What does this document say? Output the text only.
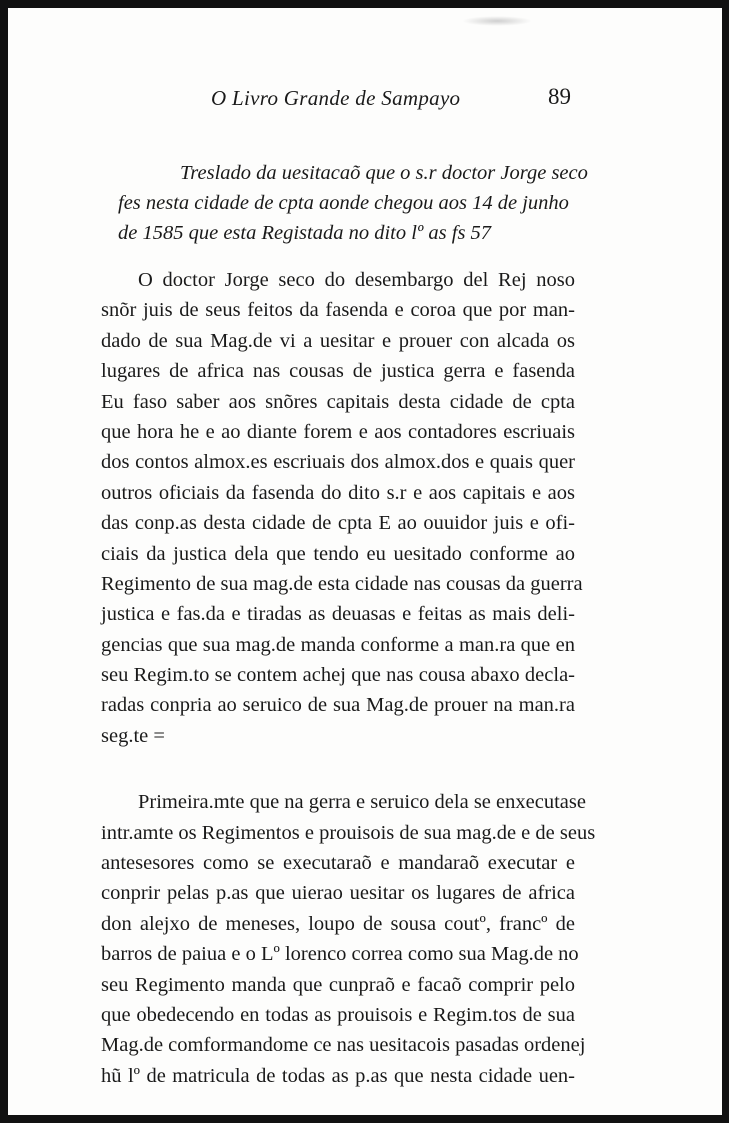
O Livro Grande de Sampayo	89
Treslado da uesitacaõ que o s.r doctor Jorge seco
fes nesta cidade de cpta aonde chegou aos 14 de junho
de 1585 que esta Registada no dito lº as fs 57
O doctor Jorge seco do desembargo del Rej noso
snõr juis de seus feitos da fasenda e coroa que por man-
dado de sua Mag.de vi a uesitar e prouer con alcada os
lugares de africa nas cousas de justica gerra e fasenda
Eu faso saber aos snõres capitais desta cidade de cpta
que hora he e ao diante forem e aos contadores escriuais
dos contos almox.es escriuais dos almox.dos e quais quer
outros oficiais da fasenda do dito s.r e aos capitais e aos
das conp.as desta cidade de cpta E ao ouuidor juis e ofi-
ciais da justica dela que tendo eu uesitado conforme ao
Regimento de sua mag.de esta cidade nas cousas da guerra
justica e fas.da e tiradas as deuasas e feitas as mais deli-
gencias que sua mag.de manda conforme a man.ra que en
seu Regim.to se contem achej que nas cousa abaxo decla-
radas conpria ao seruico de sua Mag.de prouer na man.ra
seg.te =
Primeira.mte que na gerra e seruico dela se enxecutase
intr.amte os Regimentos e prouisois de sua mag.de e de seus
antesesores como se executaraõ e mandaraõ executar e
conprir pelas p.as que uierao uesitar os lugares de africa
don alejxo de meneses, loupo de sousa coutº, francº de
barros de paiua e o Lº lorenco correa como sua Mag.de no
seu Regimento manda que cunpraõ e facaõ comprir pelo
que obedecendo en todas as prouisois e Regim.tos de sua
Mag.de comformandome ce nas uesitacois pasadas ordenej
hũ lº de matricula de todas as p.as que nesta cidade uen-
